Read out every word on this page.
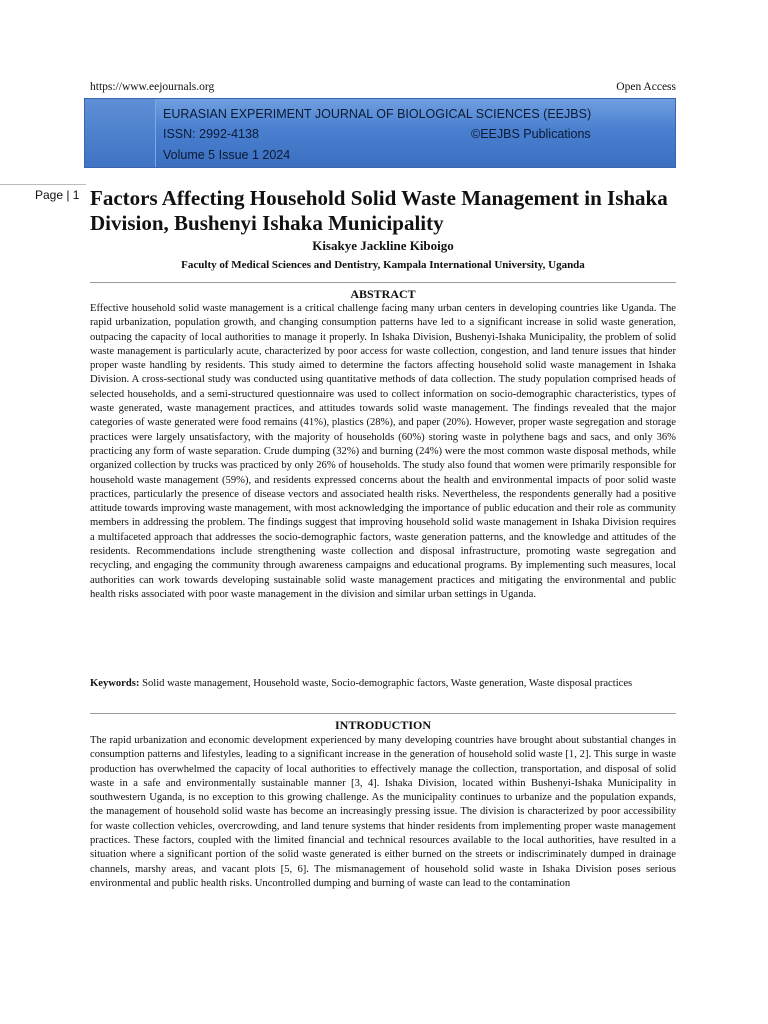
https://www.eejournals.org	Open Access
EURASIAN EXPERIMENT JOURNAL OF BIOLOGICAL SCIENCES (EEJBS)
ISSN: 2992-4138	©EEJBS Publications
Volume 5 Issue 1 2024
Page | 1 Factors Affecting Household Solid Waste Management in Ishaka Division, Bushenyi Ishaka Municipality
Kisakye Jackline Kiboigo
Faculty of Medical Sciences and Dentistry, Kampala International University, Uganda
ABSTRACT
Effective household solid waste management is a critical challenge facing many urban centers in developing countries like Uganda. The rapid urbanization, population growth, and changing consumption patterns have led to a significant increase in solid waste generation, outpacing the capacity of local authorities to manage it properly. In Ishaka Division, Bushenyi-Ishaka Municipality, the problem of solid waste management is particularly acute, characterized by poor access for waste collection, congestion, and land tenure issues that hinder proper waste handling by residents. This study aimed to determine the factors affecting household solid waste management in Ishaka Division. A cross-sectional study was conducted using quantitative methods of data collection. The study population comprised heads of selected households, and a semi-structured questionnaire was used to collect information on socio-demographic characteristics, types of waste generated, waste management practices, and attitudes towards solid waste management. The findings revealed that the major categories of waste generated were food remains (41%), plastics (28%), and paper (20%). However, proper waste segregation and storage practices were largely unsatisfactory, with the majority of households (60%) storing waste in polythene bags and sacs, and only 36% practicing any form of waste separation. Crude dumping (32%) and burning (24%) were the most common waste disposal methods, while organized collection by trucks was practiced by only 26% of households. The study also found that women were primarily responsible for household waste management (59%), and residents expressed concerns about the health and environmental impacts of poor solid waste practices, particularly the presence of disease vectors and associated health risks. Nevertheless, the respondents generally had a positive attitude towards improving waste management, with most acknowledging the importance of public education and their role as community members in addressing the problem. The findings suggest that improving household solid waste management in Ishaka Division requires a multifaceted approach that addresses the socio-demographic factors, waste generation patterns, and the knowledge and attitudes of the residents. Recommendations include strengthening waste collection and disposal infrastructure, promoting waste segregation and recycling, and engaging the community through awareness campaigns and educational programs. By implementing such measures, local authorities can work towards developing sustainable solid waste management practices and mitigating the environmental and public health risks associated with poor waste management in the division and similar urban settings in Uganda.
Keywords: Solid waste management, Household waste, Socio-demographic factors, Waste generation, Waste disposal practices
INTRODUCTION
The rapid urbanization and economic development experienced by many developing countries have brought about substantial changes in consumption patterns and lifestyles, leading to a significant increase in the generation of household solid waste [1, 2]. This surge in waste production has overwhelmed the capacity of local authorities to effectively manage the collection, transportation, and disposal of solid waste in a safe and environmentally sustainable manner [3, 4]. Ishaka Division, located within Bushenyi-Ishaka Municipality in southwestern Uganda, is no exception to this growing challenge. As the municipality continues to urbanize and the population expands, the management of household solid waste has become an increasingly pressing issue. The division is characterized by poor accessibility for waste collection vehicles, overcrowding, and land tenure systems that hinder residents from implementing proper waste management practices. These factors, coupled with the limited financial and technical resources available to the local authorities, have resulted in a situation where a significant portion of the solid waste generated is either burned on the streets or indiscriminately dumped in drainage channels, marshy areas, and vacant plots [5, 6]. The mismanagement of household solid waste in Ishaka Division poses serious environmental and public health risks. Uncontrolled dumping and burning of waste can lead to the contamination
